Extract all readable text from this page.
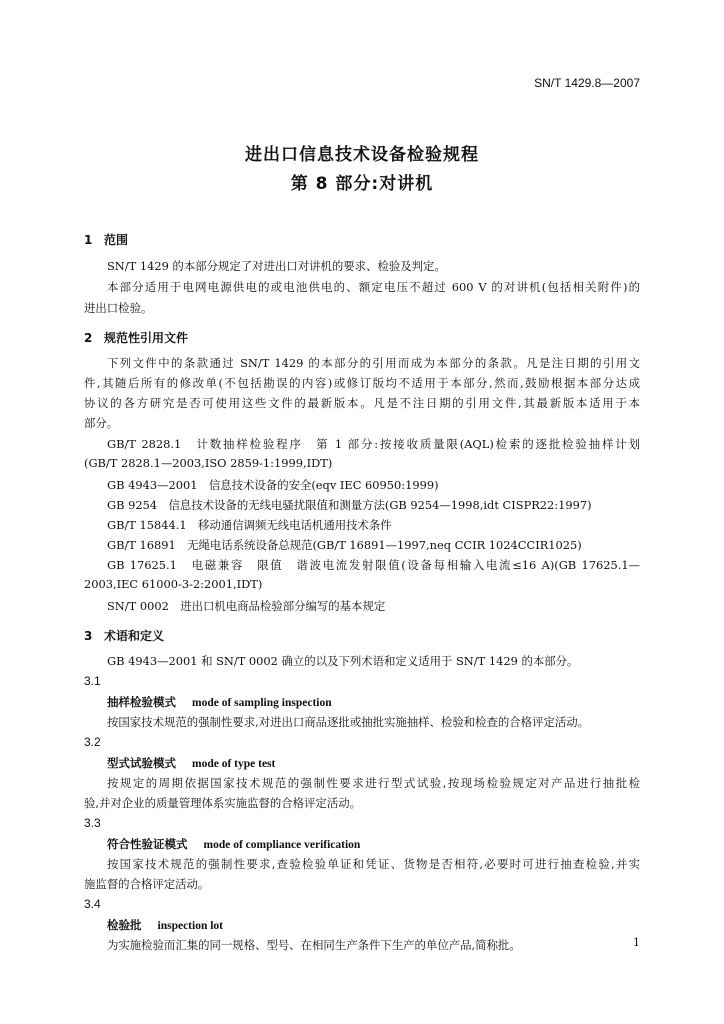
SN/T 1429.8—2007
进出口信息技术设备检验规程
第 8 部分:对讲机
1 范围
SN/T 1429 的本部分规定了对进出口对讲机的要求、检验及判定。
本部分适用于电网电源供电的或电池供电的、额定电压不超过 600 V 的对讲机(包括相关附件)的
进出口检验。
2 规范性引用文件
下列文件中的条款通过 SN/T 1429 的本部分的引用而成为本部分的条款。凡是注日期的引用文
件,其随后所有的修改单(不包括勘误的内容)或修订版均不适用于本部分,然而,鼓励根据本部分达成
协议的各方研究是否可使用这些文件的最新版本。凡是不注日期的引用文件,其最新版本适用于本
部分。
GB/T 2828.1　计数抽样检验程序　第 1 部分:按接收质量限(AQL)检索的逐批检验抽样计划
(GB/T 2828.1—2003,ISO 2859-1:1999,IDT)
GB 4943—2001　信息技术设备的安全(eqv IEC 60950:1999)
GB 9254　信息技术设备的无线电骚扰限值和测量方法(GB 9254—1998,idt CISPR22:1997)
GB/T 15844.1　移动通信调频无线电话机通用技术条件
GB/T 16891　无绳电话系统设备总规范(GB/T 16891—1997,neq CCIR 1024CCIR1025)
GB 17625.1　电磁兼容　限值　谐波电流发射限值(设备每相输入电流≤16 A)(GB 17625.1—
2003,IEC 61000-3-2:2001,IDT)
SN/T 0002　进出口机电商品检验部分编写的基本规定
3 术语和定义
GB 4943—2001 和 SN/T 0002 确立的以及下列术语和定义适用于 SN/T 1429 的本部分。
3.1
抽样检验模式 mode of sampling inspection
按国家技术规范的强制性要求,对进出口商品逐批或抽批实施抽样、检验和检查的合格评定活动。
3.2
型式试验模式 mode of type test
按规定的周期依据国家技术规范的强制性要求进行型式试验,按现场检验规定对产品进行抽批检
验,并对企业的质量管理体系实施监督的合格评定活动。
3.3
符合性验证模式 mode of compliance verification
按国家技术规范的强制性要求,查验检验单证和凭证、货物是否相符,必要时可进行抽查检验,并实
施监督的合格评定活动。
3.4
检验批 inspection lot
为实施检验而汇集的同一规格、型号、在相同生产条件下生产的单位产品,简称批。	1
